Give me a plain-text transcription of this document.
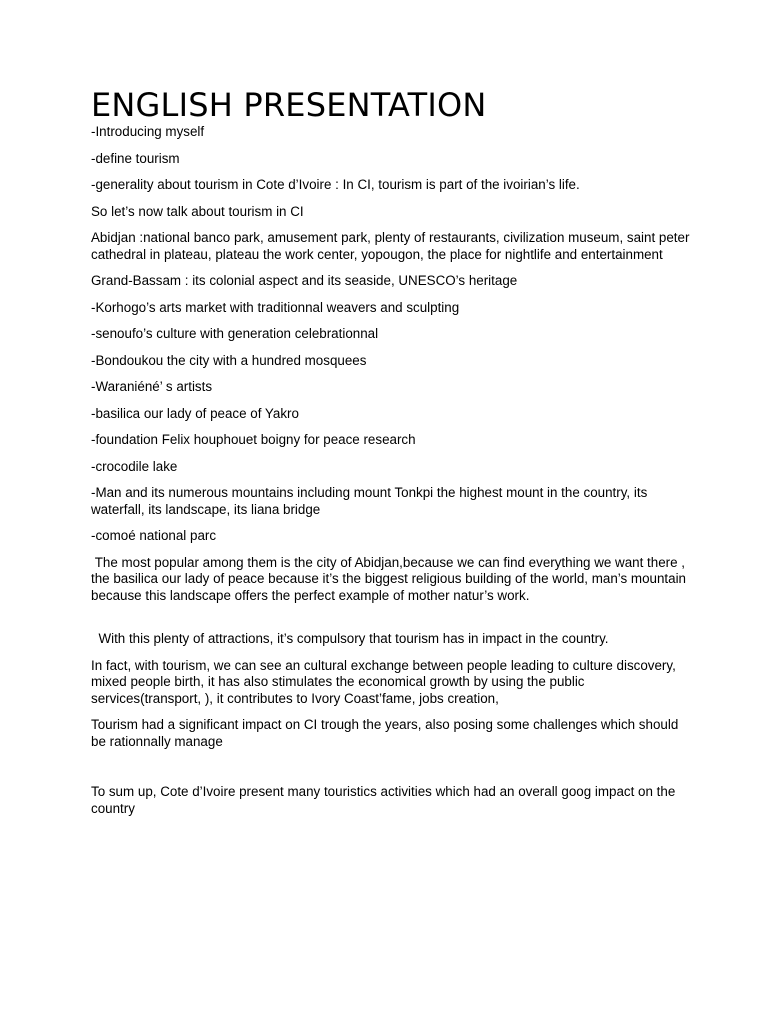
ENGLISH PRESENTATION

-Introducing myself

-define tourism

-generality about tourism in Cote d’Ivoire : In CI, tourism is part of the ivoirian’s life.

So let’s now talk about tourism in CI

Abidjan :national banco park, amusement park, plenty of restaurants, civilization museum, saint peter cathedral in plateau, plateau the work center, yopougon, the place for nightlife and entertainment

Grand-Bassam : its colonial aspect and its seaside, UNESCO’s heritage

-Korhogo’s arts market with traditionnal weavers and sculpting

-senoufo’s culture with generation celebrationnal

-Bondoukou the city with a hundred mosquees

-Waraniéné’ s artists

-basilica our lady of peace of Yakro

-foundation Felix houphouet boigny for peace research

-crocodile lake

-Man and its numerous mountains including mount Tonkpi the highest mount in the country, its waterfall, its landscape, its liana bridge

-comoé national parc

The most popular among them is the city of Abidjan,because we can find everything we want there , the basilica our lady of peace because it’s the biggest religious building of the world, man’s mountain because this landscape offers the perfect example of mother natur’s work.

With this plenty of attractions, it’s compulsory that tourism has in impact in the country.

In fact, with tourism, we can see an cultural exchange between people leading to culture discovery, mixed people birth, it has also stimulates the economical growth by using the public services(transport, ), it contributes to Ivory Coast’fame, jobs creation,

Tourism had a significant impact on CI trough the years, also posing some challenges which should be rationnally manage

To sum up, Cote d’Ivoire present many touristics activities which had an overall goog impact on the country
